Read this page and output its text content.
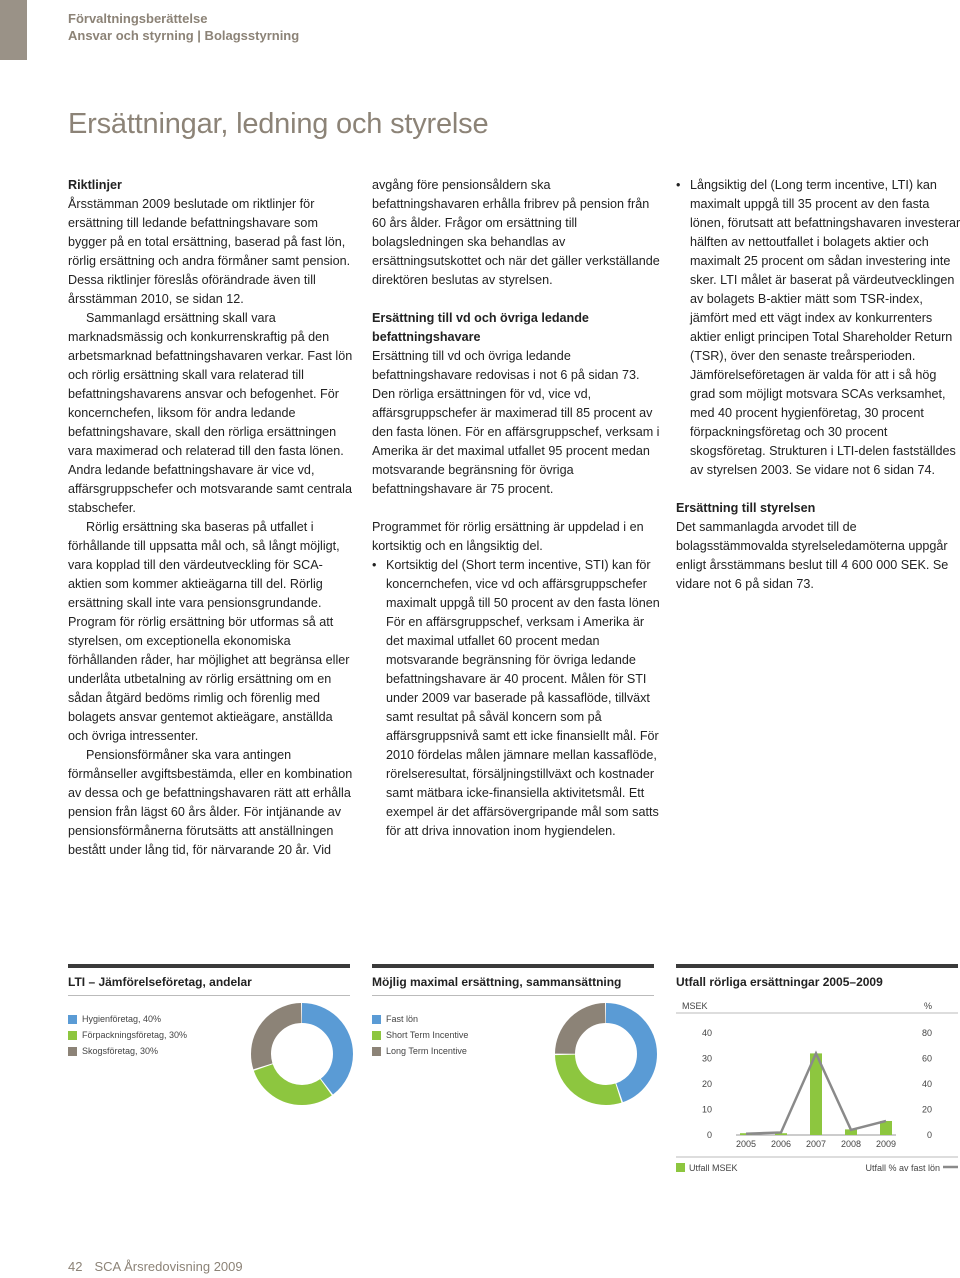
Förvaltningsberättelse
Ansvar och styrning | Bolagsstyrning
Ersättningar, ledning och styrelse
Riktlinjer

Årsstämman 2009 beslutade om riktlinjer för ersättning till ledande befattningshavare som bygger på en total ersättning, baserad på fast lön, rörlig ersättning och andra förmåner samt pension. Dessa riktlinjer föreslås oförändrade även till årsstämman 2010, se sidan 12.

Sammanlagd ersättning skall vara marknadsmässig och konkurrenskraftig på den arbetsmarknad befattningshavaren verkar. Fast lön och rörlig ersättning skall vara relaterad till befattningshavarens ansvar och befogenhet. För koncernchefen, liksom för andra ledande befattningshavare, skall den rörliga ersättningen vara maximerad och relaterad till den fasta lönen. Andra ledande befattningshavare är vice vd, affärsgruppschefer och motsvarande samt centrala stabschefer.

Rörlig ersättning ska baseras på utfallet i förhållande till uppsatta mål och, så långt möjligt, vara kopplad till den värdeutveckling för SCA-aktien som kommer aktieägarna till del. Rörlig ersättning skall inte vara pensionsgrundande. Program för rörlig ersättning bör utformas så att styrelsen, om exceptionella ekonomiska förhållanden råder, har möjlighet att begränsa eller underlåta utbetalning av rörlig ersättning om en sådan åtgärd bedöms rimlig och förenlig med bolagets ansvar gentemot aktieägare, anställda och övriga intressenter.

Pensionsförmåner ska vara antingen förmånseller avgiftsbestämda, eller en kombination av dessa och ge befattningshavaren rätt att erhålla pension från lägst 60 års ålder. För intjänande av pensionsförmånerna förutsätts att anställningen bestått under lång tid, för närvarande 20 år. Vid

avgång före pensionsåldern ska befattningshavaren erhålla fribrev på pension från 60 års ålder. Frågor om ersättning till bolagsledningen ska behandlas av ersättningsutskottet och när det gäller verkställande direktören beslutas av styrelsen.

Ersättning till vd och övriga ledande befattningshavare

Ersättning till vd och övriga ledande befattningshavare redovisas i not 6 på sidan 73. Den rörliga ersättningen för vd, vice vd, affärsgruppschefer är maximerad till 85 procent av den fasta lönen. För en affärsgruppschef, verksam i Amerika är det maximal utfallet 95 procent medan motsvarande begränsning för övriga befattningshavare är 75 procent.

Programmet för rörlig ersättning är uppdelad i en kortsiktig och en långsiktig del.

• Kortsiktig del (Short term incentive, STI) kan för koncernchefen, vice vd och affärsgruppschefer maximalt uppgå till 50 procent av den fasta lönen För en affärsgruppschef, verksam i Amerika är det maximal utfallet 60 procent medan motsvarande begränsning för övriga ledande befattningshavare är 40 procent. Målen för STI under 2009 var baserade på kassaflöde, tillväxt samt resultat på såväl koncern som på affärsgruppsnivå samt ett icke finansiellt mål. För 2010 fördelas målen jämnare mellan kassaflöde, rörelseresultat, försäljningstillväxt och kostnader samt mätbara icke-finansiella aktivitetsmål. Ett exempel är det affärsövergripande mål som satts för att driva innovation inom hygiendelen.
• Långsiktig del (Long term incentive, LTI) kan maximalt uppgå till 35 procent av den fasta lönen, förutsatt att befattningshavaren investerar hälften av nettoutfallet i bolagets aktier och maximalt 25 procent om sådan investering inte sker. LTI målet är baserat på värdeutvecklingen av bolagets B-aktier mätt som TSR-index, jämfört med ett vägt index av konkurrenters aktier enligt principen Total Shareholder Return (TSR), över den senaste treårsperioden. Jämförelseföretagen är valda för att i så hög grad som möjligt motsvara SCAs verksamhet, med 40 procent hygienföretag, 30 procent förpackningsföretag och 30 procent skogsföretag. Strukturen i LTI-delen fastställdes av styrelsen 2003. Se vidare not 6 sidan 74.
Ersättning till styrelsen

Det sammanlagda arvodet till de bolagsstämmovalda styrelseledamöterna uppgår enligt årsstämmans beslut till 4 600 000 SEK. Se vidare not 6 på sidan 73.

LTI – Jämförelseföretag, andelar
Hygienföretag, 40%
Förpackningsföretag, 30%
Skogsföretag, 30%
Möjlig maximal ersättning, sammansättning
Fast lön
Short Term Incentive
Long Term Incentive
Utfall rörliga ersättningar 2005–2009
MSEK	%
40
30
20
10
0
80
60
40
20
0
2005 2006 2007 2008 2009
Utfall MSEK	Utfall % av fast lön
42 SCA Årsredovisning 2009
